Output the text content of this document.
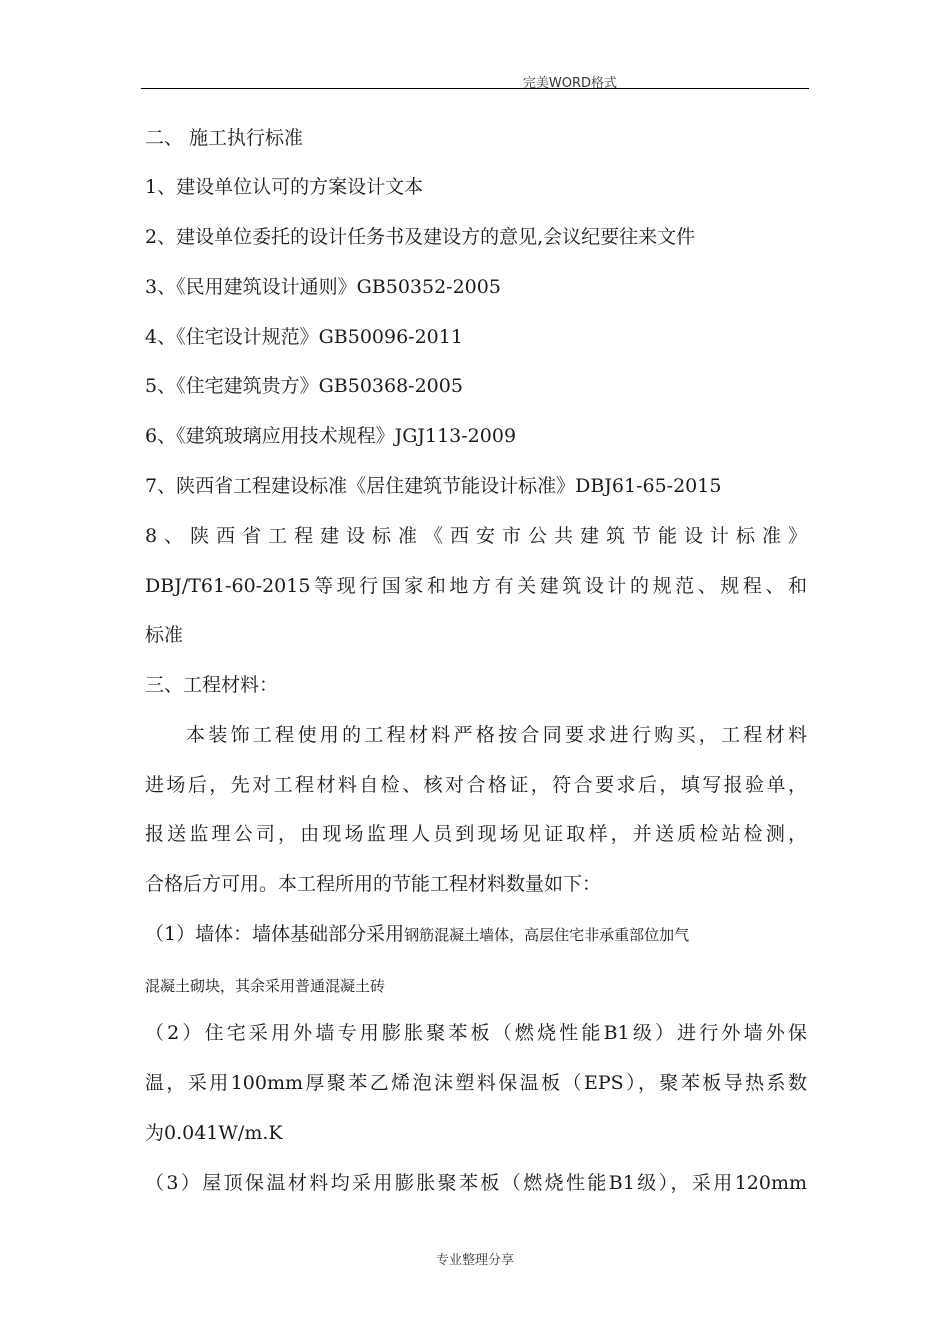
完美WORD格式
二、 施工执行标准
1、建设单位认可的方案设计文本
2、建设单位委托的设计任务书及建设方的意见,会议纪要往来文件
3、《民用建筑设计通则》GB50352-2005
4、《住宅设计规范》GB50096-2011
5、《住宅建筑贵方》GB50368-2005
6、《建筑玻璃应用技术规程》JGJ113-2009
7、陕西省工程建设标准《居住建筑节能设计标准》DBJ61-65-2015
8、陕西省工程建设标准《西安市公共建筑节能设计标准》
DBJ/T61-60-2015等现行国家和地方有关建筑设计的规范、规程、和
标准
三、工程材料：
本装饰工程使用的工程材料严格按合同要求进行购买，工程材料
进场后，先对工程材料自检、核对合格证，符合要求后，填写报验单，
报送监理公司，由现场监理人员到现场见证取样，并送质检站检测，
合格后方可用。本工程所用的节能工程材料数量如下：
（1）墙体：墙体基础部分采用钢筋混凝土墙体，高层住宅非承重部位加气
混凝土砌块，其余采用普通混凝土砖
（2）住宅采用外墙专用膨胀聚苯板（燃烧性能B1级）进行外墙外保
温，采用100mm厚聚苯乙烯泡沫塑料保温板（EPS），聚苯板导热系数
为0.041W/m.K
（3）屋顶保温材料均采用膨胀聚苯板（燃烧性能B1级），采用120mm
专业整理分享
